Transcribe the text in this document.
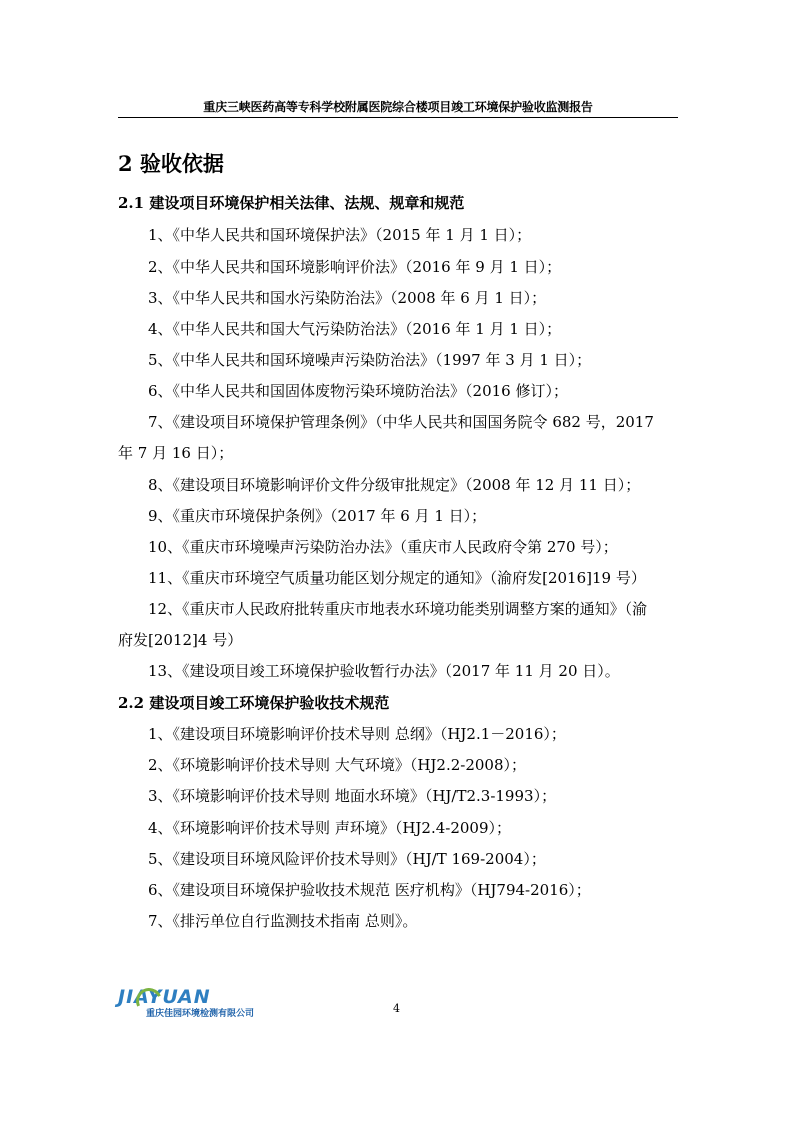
重庆三峡医药高等专科学校附属医院综合楼项目竣工环境保护验收监测报告
2 验收依据
2.1 建设项目环境保护相关法律、法规、规章和规范
1、《中华人民共和国环境保护法》（2015 年 1 月 1 日）；
2、《中华人民共和国环境影响评价法》（2016 年 9 月 1 日）；
3、《中华人民共和国水污染防治法》（2008 年 6 月 1 日）；
4、《中华人民共和国大气污染防治法》（2016 年 1 月 1 日）；
5、《中华人民共和国环境噪声污染防治法》（1997 年 3 月 1 日）；
6、《中华人民共和国固体废物污染环境防治法》（2016 修订）；
7、《建设项目环境保护管理条例》（中华人民共和国国务院令 682 号，2017
年 7 月 16 日）；
8、《建设项目环境影响评价文件分级审批规定》（2008 年 12 月 11 日）；
9、《重庆市环境保护条例》（2017 年 6 月 1 日）；
10、《重庆市环境噪声污染防治办法》（重庆市人民政府令第 270 号）；
11、《重庆市环境空气质量功能区划分规定的通知》（渝府发[2016]19 号）
12、《重庆市人民政府批转重庆市地表水环境功能类别调整方案的通知》（渝
府发[2012]4 号）
13、《建设项目竣工环境保护验收暂行办法》（2017 年 11 月 20 日）。
2.2 建设项目竣工环境保护验收技术规范
1、《建设项目环境影响评价技术导则 总纲》（HJ2.1－2016）；
2、《环境影响评价技术导则 大气环境》（HJ2.2-2008）；
3、《环境影响评价技术导则 地面水环境》（HJ/T2.3-1993）；
4、《环境影响评价技术导则 声环境》（HJ2.4-2009）；
5、《建设项目环境风险评价技术导则》（HJ/T 169-2004）；
6、《建设项目环境保护验收技术规范 医疗机构》（HJ794-2016）；
7、《排污单位自行监测技术指南 总则》。
JIAYUAN
重庆佳园环境检测有限公司	4
